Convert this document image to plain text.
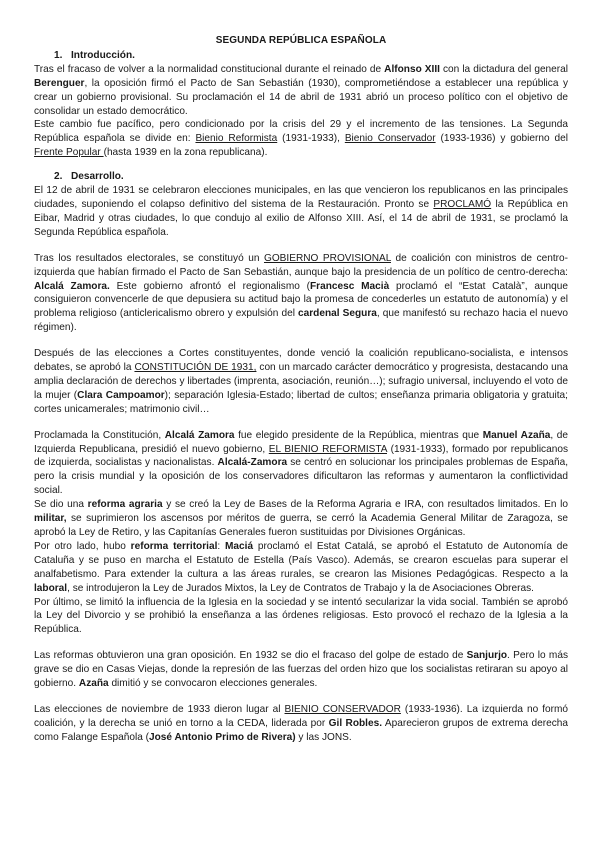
SEGUNDA REPÚBLICA ESPAÑOLA
1. Introducción.

Tras el fracaso de volver a la normalidad constitucional durante el reinado de Alfonso XIII con la dictadura del general Berenguer, la oposición firmó el Pacto de San Sebastián (1930), comprometiéndose a establecer una república y crear un gobierno provisional. Su proclamación el 14 de abril de 1931 abrió un proceso político con el objetivo de consolidar un estado democrático.

Este cambio fue pacífico, pero condicionado por la crisis del 29 y el incremento de las tensiones. La Segunda República española se divide en: Bienio Reformista (1931-1933), Bienio Conservador (1933-1936) y gobierno del Frente Popular (hasta 1939 en la zona republicana).

2. Desarrollo.

El 12 de abril de 1931 se celebraron elecciones municipales, en las que vencieron los republicanos en las principales ciudades, suponiendo el colapso definitivo del sistema de la Restauración. Pronto se PROCLAMÓ la República en Eibar, Madrid y otras ciudades, lo que condujo al exilio de Alfonso XIII. Así, el 14 de abril de 1931, se proclamó la Segunda República española.

Tras los resultados electorales, se constituyó un GOBIERNO PROVISIONAL de coalición con ministros de centro-izquierda que habían firmado el Pacto de San Sebastián, aunque bajo la presidencia de un político de centro-derecha: Alcalá Zamora. Este gobierno afrontó el regionalismo (Francesc Macià proclamó el “Estat Català”, aunque consiguieron convencerle de que depusiera su actitud bajo la promesa de concederles un estatuto de autonomía) y el problema religioso (anticlericalismo obrero y expulsión del cardenal Segura, que manifestó su rechazo hacia el nuevo régimen).

Después de las elecciones a Cortes constituyentes, donde venció la coalición republicano-socialista, e intensos debates, se aprobó la CONSTITUCIÓN DE 1931, con un marcado carácter democrático y progresista, destacando una amplia declaración de derechos y libertades (imprenta, asociación, reunión…); sufragio universal, incluyendo el voto de la mujer (Clara Campoamor); separación Iglesia-Estado; libertad de cultos; enseñanza primaria obligatoria y gratuita; cortes unicamerales; matrimonio civil…

Proclamada la Constitución, Alcalá Zamora fue elegido presidente de la República, mientras que Manuel Azaña, de Izquierda Republicana, presidió el nuevo gobierno, EL BIENIO REFORMISTA (1931-1933), formado por republicanos de izquierda, socialistas y nacionalistas. Alcalá-Zamora se centró en solucionar los principales problemas de España, pero la crisis mundial y la oposición de los conservadores dificultaron las reformas y aumentaron la conflictividad social.

Se dio una reforma agraria y se creó la Ley de Bases de la Reforma Agraria e IRA, con resultados limitados. En lo militar, se suprimieron los ascensos por méritos de guerra, se cerró la Academia General Militar de Zaragoza, se aprobó la Ley de Retiro, y las Capitanías Generales fueron sustituidas por Divisiones Orgánicas.

Por otro lado, hubo reforma territorial: Maciá proclamó el Estat Catalá, se aprobó el Estatuto de Autonomía de Cataluña y se puso en marcha el Estatuto de Estella (País Vasco). Además, se crearon escuelas para superar el analfabetismo. Para extender la cultura a las áreas rurales, se crearon las Misiones Pedagógicas. Respecto a la laboral, se introdujeron la Ley de Jurados Mixtos, la Ley de Contratos de Trabajo y la de Asociaciones Obreras.

Por último, se limitó la influencia de la Iglesia en la sociedad y se intentó secularizar la vida social. También se aprobó la Ley del Divorcio y se prohibió la enseñanza a las órdenes religiosas. Esto provocó el rechazo de la Iglesia a la República.

Las reformas obtuvieron una gran oposición. En 1932 se dio el fracaso del golpe de estado de Sanjurjo. Pero lo más grave se dio en Casas Viejas, donde la represión de las fuerzas del orden hizo que los socialistas retiraran su apoyo al gobierno. Azaña dimitió y se convocaron elecciones generales.

Las elecciones de noviembre de 1933 dieron lugar al BIENIO CONSERVADOR (1933-1936). La izquierda no formó coalición, y la derecha se unió en torno a la CEDA, liderada por Gil Robles. Aparecieron grupos de extrema derecha como Falange Española (José Antonio Primo de Rivera) y las JONS.
